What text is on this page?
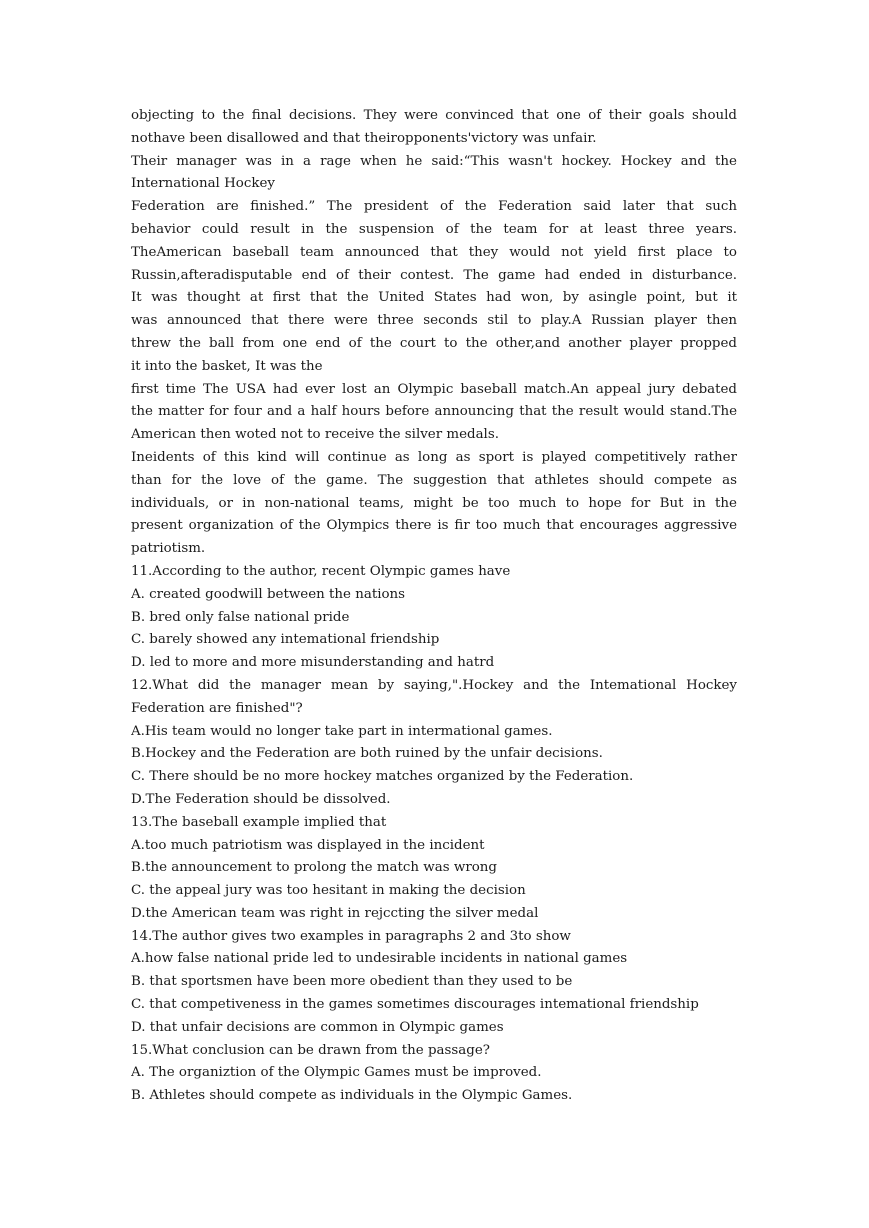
objecting to the final decisions. They were convinced that one of their goals should
nothave been disallowed and that theiropponents'victory was unfair.
Their manager was in a rage when he said:“This wasn't hockey. Hockey and the
International Hockey
Federation are finished.” The president of the Federation said later that such
behavior could result in the suspension of the team for at least three years.
TheAmerican baseball team announced that they would not yield first place to
Russin,afteradisputable end of their contest. The game had ended in disturbance.
It was thought at first that the United States had won, by asingle point, but it
was announced that there were three seconds stil to play.A Russian player then
threw the ball from one end of the court to the other,and another player propped
it into the basket, It was the
first time The USA had ever lost an Olympic baseball match.An appeal jury debated
the matter for four and a half hours before announcing that the result would stand.The
American then woted not to receive the silver medals.
Ineidents of this kind will continue as long as sport is played competitively rather
than for the love of the game. The suggestion that athletes should compete as
individuals, or in non-national teams, might be too much to hope for But in the
present organization of the Olympics there is fir too much that encourages aggressive
patriotism.
11.According to the author, recent Olympic games have
A. created goodwill between the nations
B. bred only false national pride
C. barely showed any intemational friendship
D. led to more and more misunderstanding and hatrd
12.What did the manager mean by saying,".Hockey and the Intemational Hockey
Federation are finished"?
A.His team would no longer take part in intermational games.
B.Hockey and the Federation are both ruined by the unfair decisions.
C. There should be no more hockey matches organized by the Federation.
D.The Federation should be dissolved.
13.The baseball example implied that
A.too much patriotism was displayed in the incident
B.the announcement to prolong the match was wrong
C. the appeal jury was too hesitant in making the decision
D.the American team was right in rejccting the silver medal
14.The author gives two examples in paragraphs 2 and 3to show
A.how false national pride led to undesirable incidents in national games
B. that sportsmen have been more obedient than they used to be
C. that competiveness in the games sometimes discourages intemational friendship
D. that unfair decisions are common in Olympic games
15.What conclusion can be drawn from the passage?
A. The organiztion of the Olympic Games must be improved.
B. Athletes should compete as individuals in the Olympic Games.
